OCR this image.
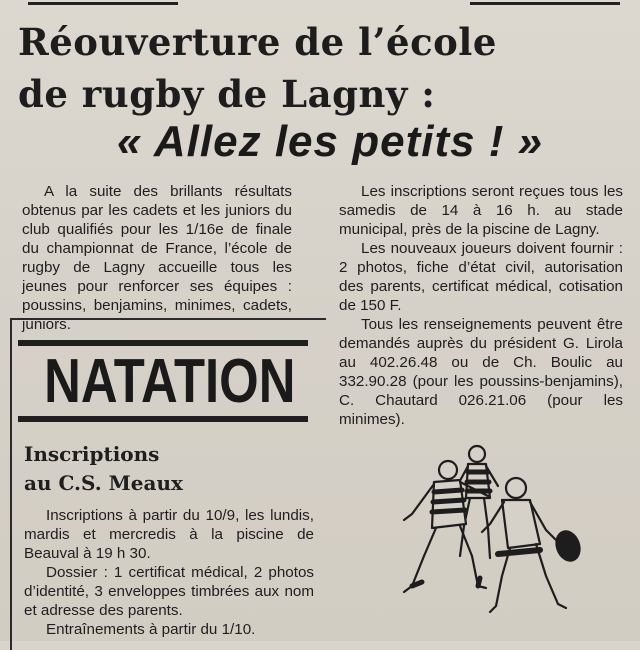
Réouverture de l’école
de rugby de Lagny :
« Allez les petits ! »

A la suite des brillants résultats obtenus par les cadets et les juniors du club qualifiés pour les 1/16e de finale du championnat de France, l’école de rugby de Lagny accueille tous les jeunes pour renforcer ses équipes : poussins, benjamins, minimes, cadets, juniors.

Les inscriptions seront reçues tous les samedis de 14 à 16 h. au stade municipal, près de la piscine de Lagny.

Les nouveaux joueurs doivent fournir : 2 photos, fiche d’état civil, autorisation des parents, certificat médical, cotisation de 150 F.

Tous les renseignements peuvent être demandés auprès du président G. Lirola au 402.26.48 ou de Ch. Boulic au 332.90.28 (pour les poussins-benjamins), C. Chautard 026.21.06 (pour les minimes).

NATATION
Inscriptions
au C.S. Meaux

Inscriptions à partir du 10/9, les lundis, mardis et mercredis à la piscine de Beauval à 19 h 30.

Dossier : 1 certificat médical, 2 photos d’identité, 3 enveloppes timbrées aux nom et adresse des parents.

Entraînements à partir du 1/10.
